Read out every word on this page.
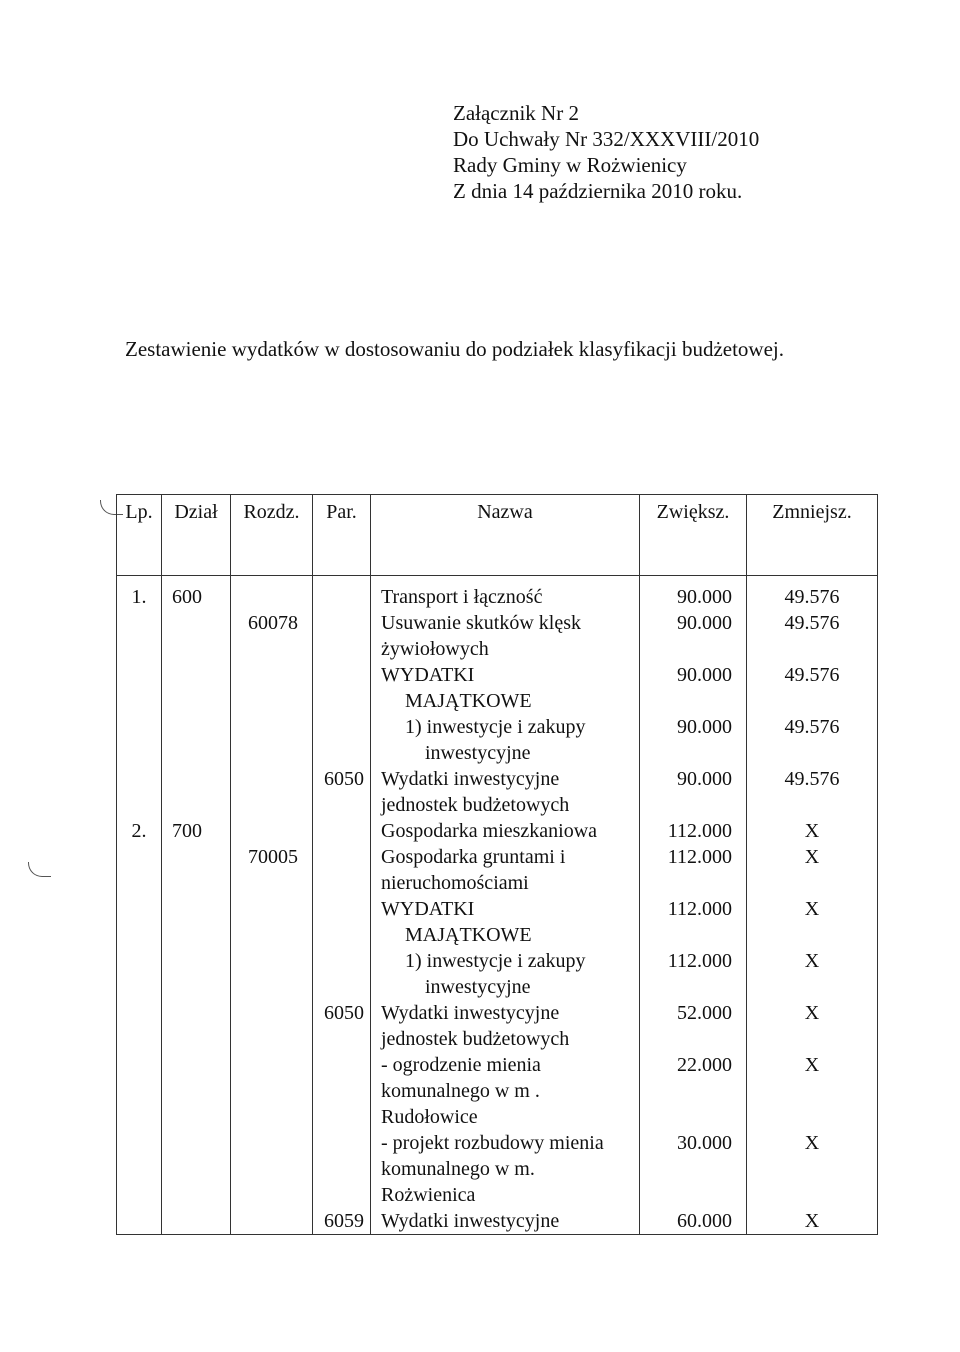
Załącznik Nr 2
Do Uchwały Nr 332/XXXVIII/2010
Rady Gminy w Rożwienicy
Z dnia 14 października 2010 roku.
Zestawienie wydatków w dostosowaniu do podziałek klasyfikacji budżetowej.
Lp.	Dział	Rozdz.	Par.	Nazwa	Zwiększ.	Zmniejsz.
1.	600			Transport i łączność	90.000	49.576
		60078		Usuwanie skutków klęsk	90.000	49.576
				żywiołowych		
				WYDATKI	90.000	49.576
				MAJĄTKOWE		
				1) inwestycje i zakupy	90.000	49.576
				inwestycyjne		
			6050	Wydatki inwestycyjne	90.000	49.576
				jednostek budżetowych		
2.	700			Gospodarka mieszkaniowa	112.000	X
		70005		Gospodarka gruntami i	112.000	X
				nieruchomościami		
				WYDATKI	112.000	X
				MAJĄTKOWE		
				1) inwestycje i zakupy	112.000	X
				inwestycyjne		
			6050	Wydatki inwestycyjne	52.000	X
				jednostek budżetowych		
				- ogrodzenie mienia	22.000	X
				komunalnego w m .		
				Rudołowice		
				- projekt rozbudowy mienia	30.000	X
				komunalnego w m.		
				Rożwienica		
			6059	Wydatki inwestycyjne	60.000	X
